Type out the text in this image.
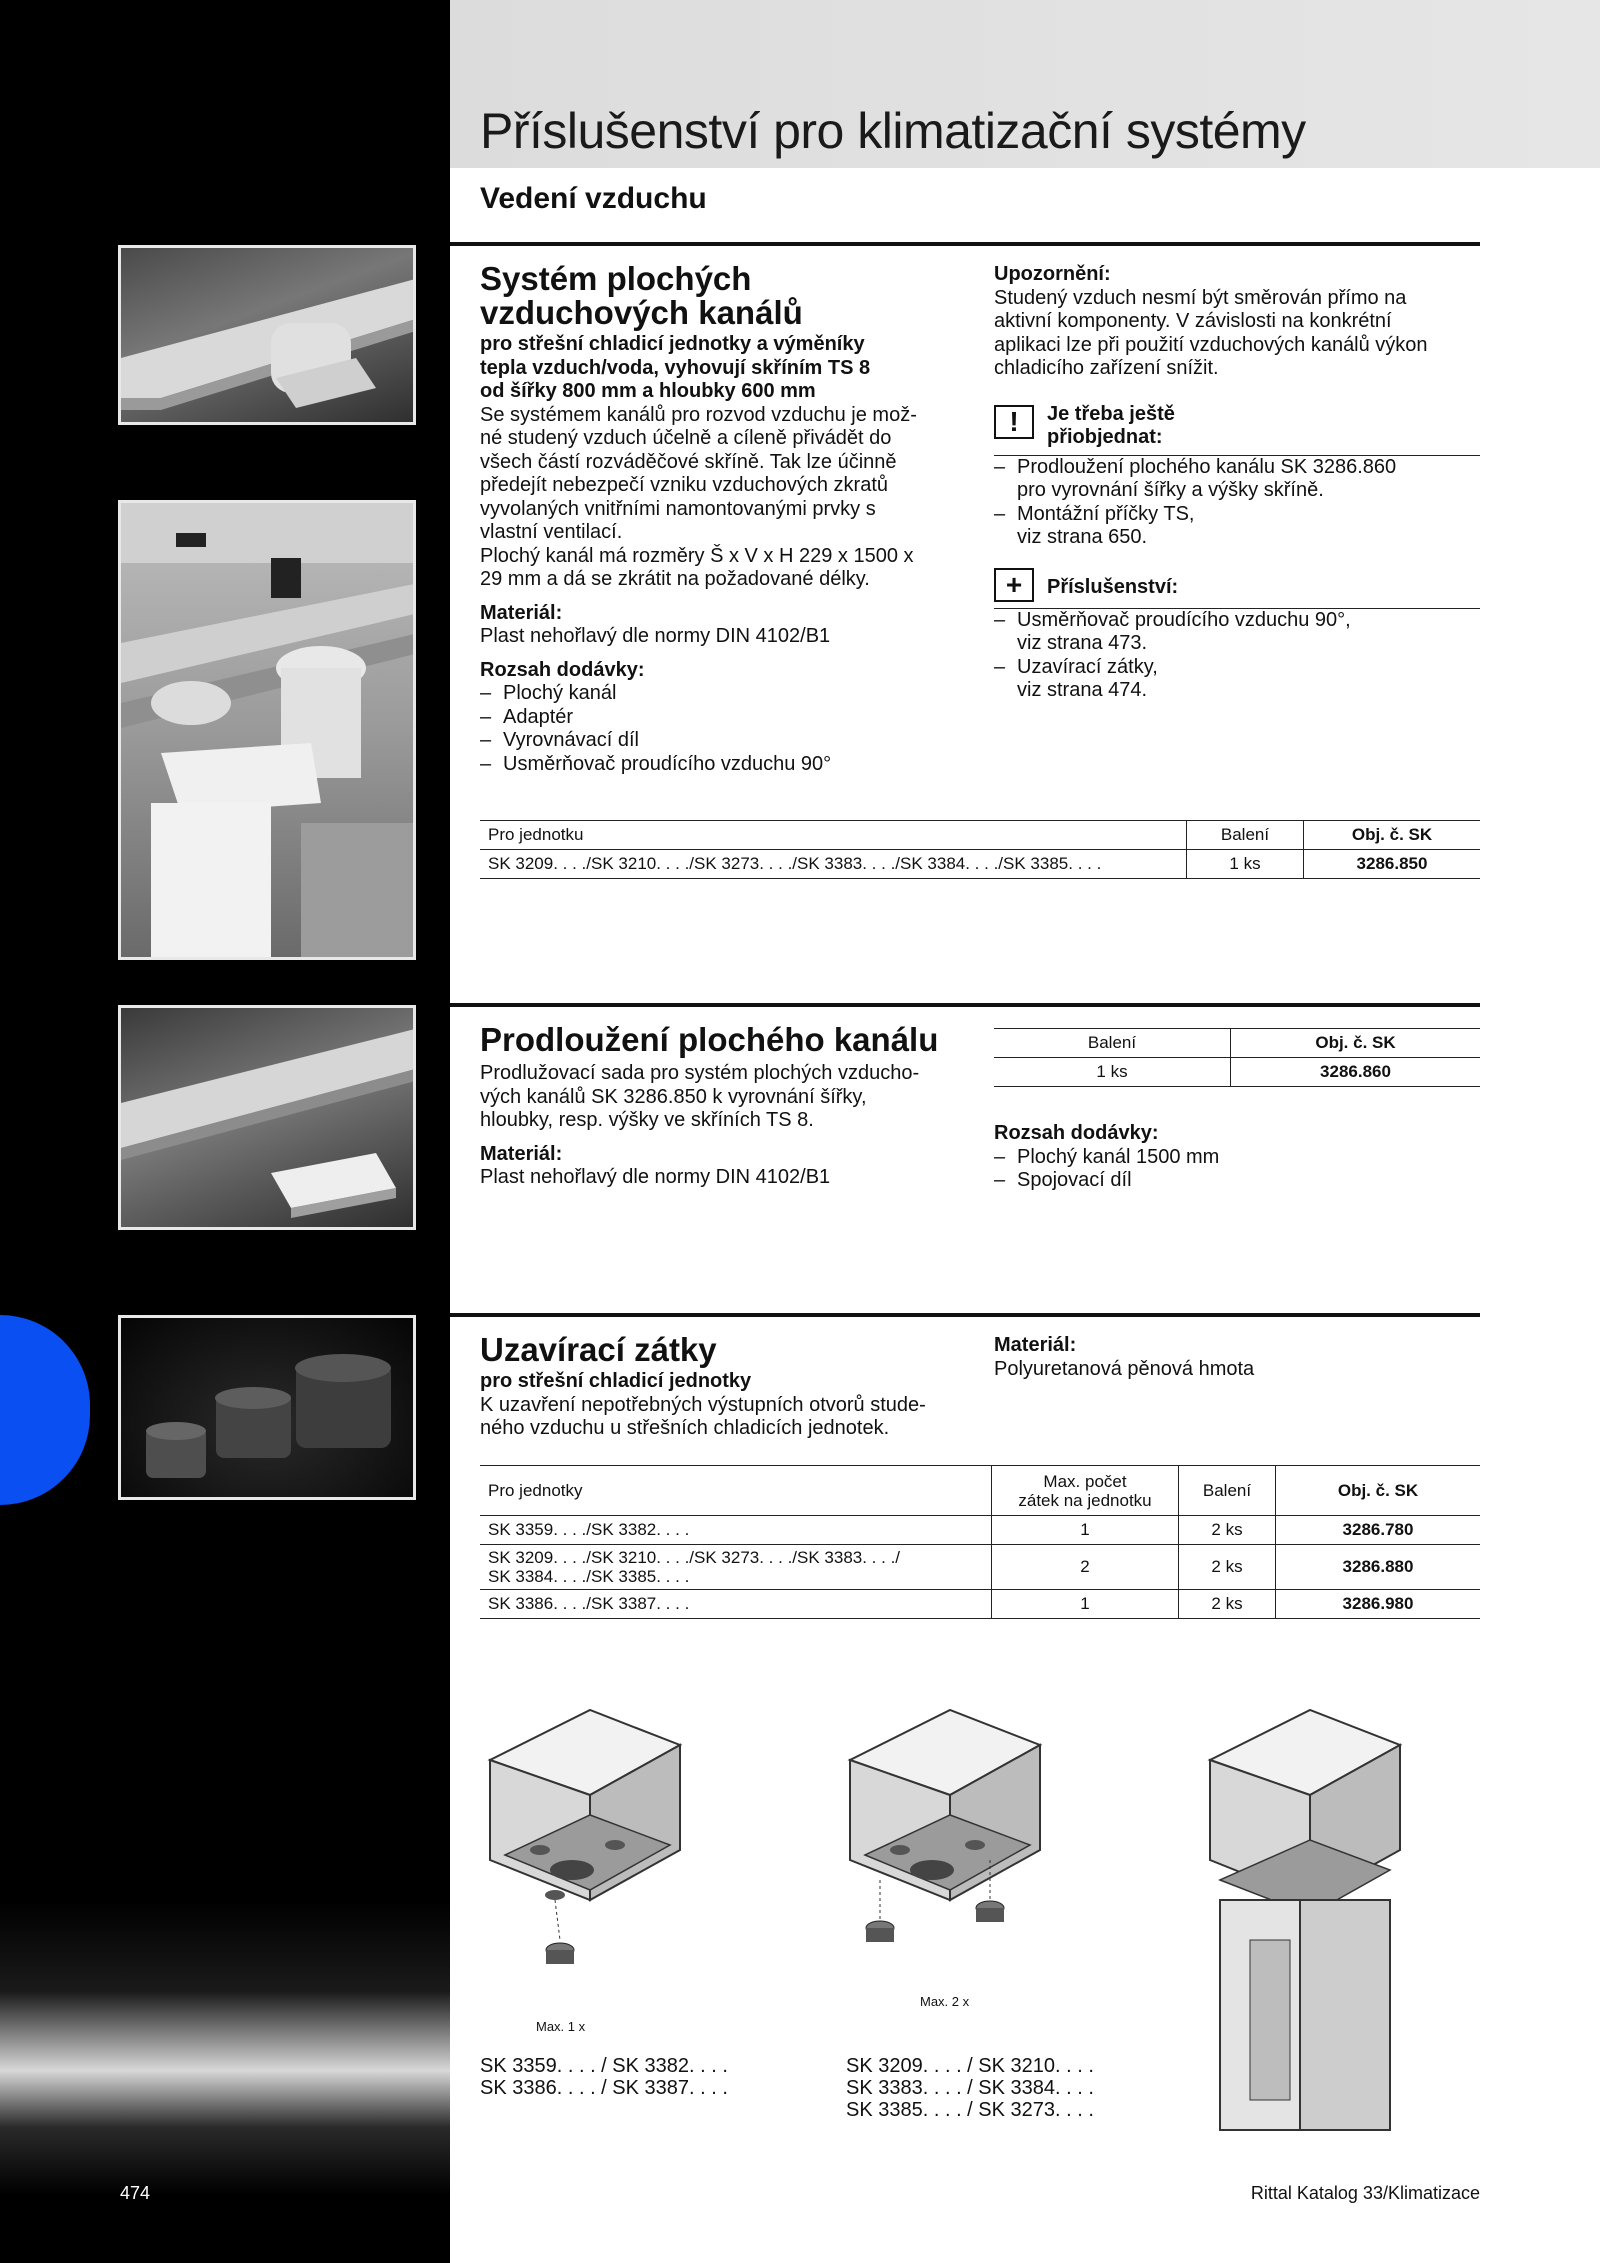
Příslušenství pro klimatizační systémy
Vedení vzduchu
Systém plochých vzduchových kanálů
pro střešní chladicí jednotky a výměníky
tepla vzduch/voda, vyhovují skříním TS 8
od šířky 800 mm a hloubky 600 mm
Se systémem kanálů pro rozvod vzduchu je mož-
né studený vzduch účelně a cíleně přivádět do
všech částí rozváděčové skříně. Tak lze účinně
předejít nebezpečí vzniku vzduchových zkratů
vyvolaných vnitřními namontovanými prvky s
vlastní ventilací.
Plochý kanál má rozměry Š x V x H 229 x 1500 x
29 mm a dá se zkrátit na požadované délky.
Materiál:
Plast nehořlavý dle normy DIN 4102/B1
Rozsah dodávky:
– Plochý kanál
– Adaptér
– Vyrovnávací díl
– Usměrňovač proudícího vzduchu 90°
Upozornění:
Studený vzduch nesmí být směrován přímo na
aktivní komponenty. V závislosti na konkrétní
aplikaci lze při použití vzduchových kanálů výkon
chladicího zařízení snížit.
!	Je třeba ještě
přiobjednat:
– Prodloužení plochého kanálu SK 3286.860
pro vyrovnání šířky a výšky skříně.
– Montážní příčky TS,
viz strana 650.
+	Příslušenství:
– Usměrňovač proudícího vzduchu 90°,
viz strana 473.
– Uzavírací zátky,
viz strana 474.
Pro jednotku	Balení	Obj. č. SK
SK 3209. . . ./SK 3210. . . ./SK 3273. . . ./SK 3383. . . ./SK 3384. . . ./SK 3385. . . .	1 ks	3286.850
Prodloužení plochého kanálu
Prodlužovací sada pro systém plochých vzducho-
vých kanálů SK 3286.850 k vyrovnání šířky,
hloubky, resp. výšky ve skříních TS 8.
Materiál:
Plast nehořlavý dle normy DIN 4102/B1
Balení	Obj. č. SK
1 ks	3286.860
Rozsah dodávky:
– Plochý kanál 1500 mm
– Spojovací díl
Uzavírací zátky
pro střešní chladicí jednotky
K uzavření nepotřebných výstupních otvorů stude-
ného vzduchu u střešních chladicích jednotek.
Materiál:
Polyuretanová pěnová hmota
Pro jednotky	Max. počet
zátek na jednotku	Balení	Obj. č. SK
SK 3359. . . ./SK 3382. . . .	1	2 ks	3286.780
SK 3209. . . ./SK 3210. . . ./SK 3273. . . ./SK 3383. . . ./
SK 3384. . . ./SK 3385. . . .	2	2 ks	3286.880
SK 3386. . . ./SK 3387. . . .	1	2 ks	3286.980
Max. 1 x
Max. 2 x
SK 3359. . . . / SK 3382. . . .
SK 3386. . . . / SK 3387. . . .
SK 3209. . . . / SK 3210. . . .
SK 3383. . . . / SK 3384. . . .
SK 3385. . . . / SK 3273. . . .
474	Rittal Katalog 33/Klimatizace
